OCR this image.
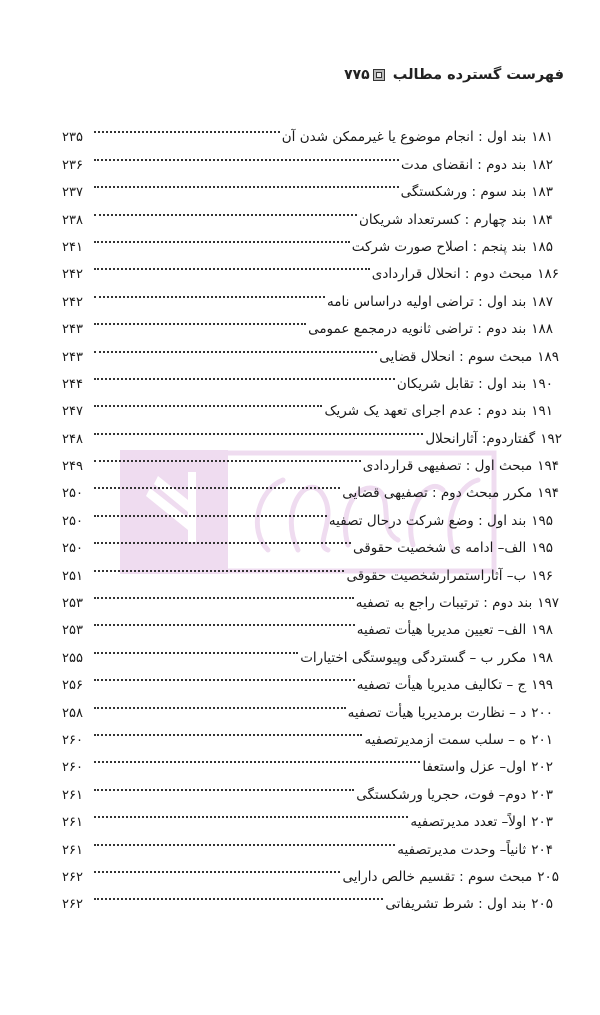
فهرست گسترده مطالب
۷۷۵
۱۸۱بند اول : انجام موضوع یا غیرممکن شدن آن
۲۳۵
۱۸۲بند دوم : انقضای مدت
۲۳۶
۱۸۳بند سوم : ورشکستگی
۲۳۷
۱۸۴بند چهارم : کسرتعداد شریکان
۲۳۸
۱۸۵بند پنجم : اصلاح صورت شرکت
۲۴۱
۱۸۶مبحث دوم : انحلال قراردادی
۲۴۲
۱۸۷بند اول : تراضی اولیه دراساس نامه
۲۴۲
۱۸۸بند دوم : تراضی ثانویه درمجمع عمومی
۲۴۳
۱۸۹مبحث سوم : انحلال قضایی
۲۴۳
۱۹۰بند اول : تقابل شریکان
۲۴۴
۱۹۱بند دوم : عدم اجرای تعهد یک شریک
۲۴۷
۱۹۲گفتاردوم: آثارانحلال
۲۴۸
۱۹۴مبحث اول : تصفیهی قراردادی
۲۴۹
۱۹۴مکرر مبحث دوم : تصفیهی قضایی
۲۵۰
۱۹۵بند اول : وضع شرکت درحال تصفیه
۲۵۰
۱۹۵الف– ادامه ی شخصیت حقوقی
۲۵۰
۱۹۶ب– آثاراستمرارشخصیت حقوقی
۲۵۱
۱۹۷بند دوم : ترتیبات راجع به تصفیه
۲۵۳
۱۹۸الف– تعیین مدیریا هیأت تصفیه
۲۵۳
۱۹۸مکرر ب – گستردگی وپیوستگی اختیارات
۲۵۵
۱۹۹ج – تکالیف مدیریا هیأت تصفیه
۲۵۶
۲۰۰د – نظارت برمدیریا هیأت تصفیه
۲۵۸
۲۰۱ه – سلب سمت ازمدیرتصفیه
۲۶۰
۲۰۲اول– عزل واستعفا
۲۶۰
۲۰۳دوم– فوت، حجریا ورشکستگی
۲۶۱
۲۰۳اولاً– تعدد مدیرتصفیه
۲۶۱
۲۰۴ثانیاً– وحدت مدیرتصفیه
۲۶۱
۲۰۵مبحث سوم : تقسیم خالص دارایی
۲۶۲
۲۰۵بند اول : شرط تشریفاتی
۲۶۲
